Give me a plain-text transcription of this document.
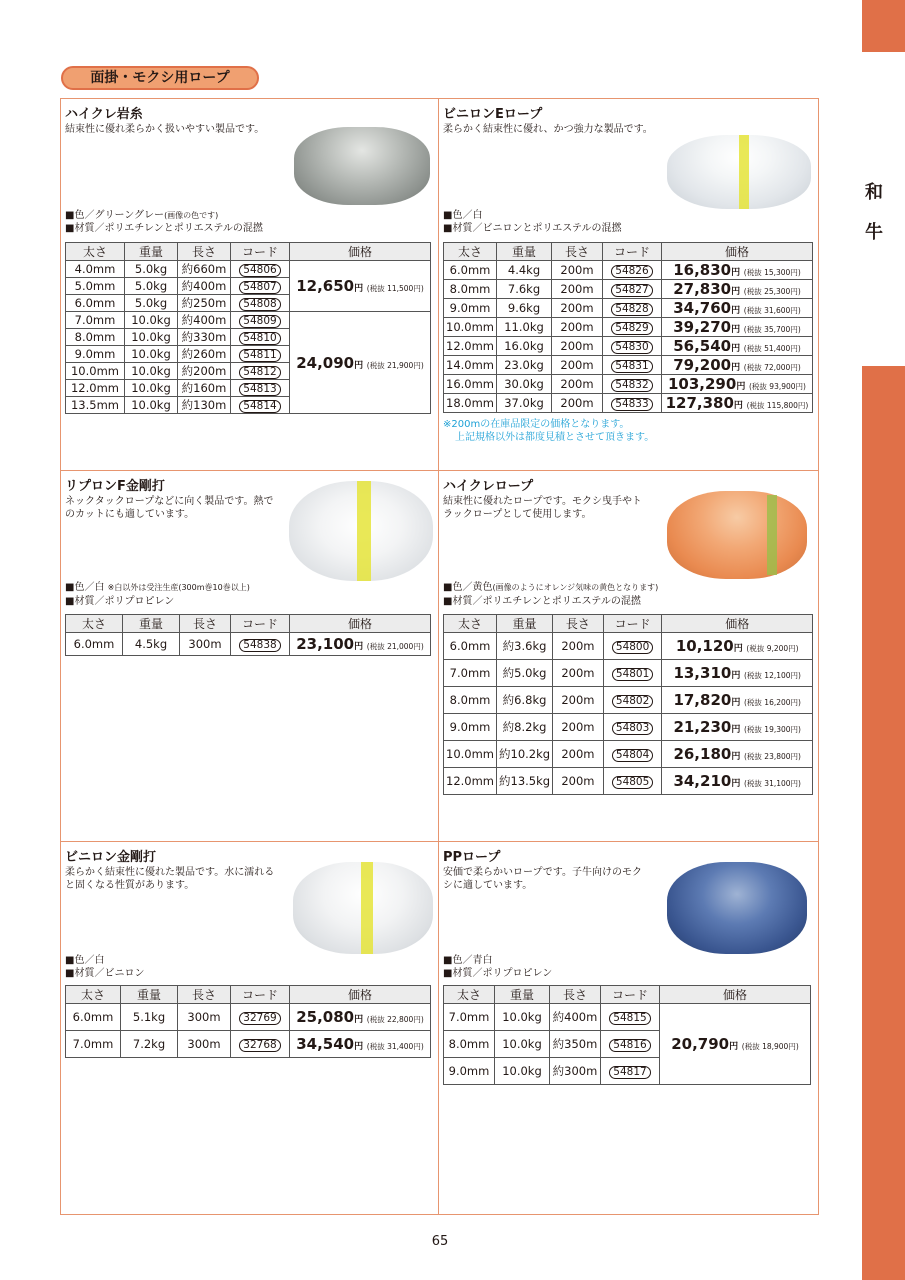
和
牛
面掛・モクシ用ロープ
ハイクレ岩糸
結束性に優れ柔らかく扱いやすい製品です。
■色／グリーングレー(画像の色です)
■材質／ポリエチレンとポリエステルの混撚
太さ	重量	長さ	コード	価格
4.0mm	5.0kg	約660m	54806	12,650円 (税抜 11,500円)
5.0mm	5.0kg	約400m	54807	
6.0mm	5.0kg	約250m	54808	
7.0mm	10.0kg	約400m	54809	24,090円 (税抜 21,900円)
8.0mm	10.0kg	約330m	54810	
9.0mm	10.0kg	約260m	54811	
10.0mm	10.0kg	約200m	54812	
12.0mm	10.0kg	約160m	54813	
13.5mm	10.0kg	約130m	54814	
ビニロンEロープ
柔らかく結束性に優れ、かつ強力な製品です。
■色／白
■材質／ビニロンとポリエステルの混撚
太さ	重量	長さ	コード	価格
6.0mm	4.4kg	200m	54826	16,830円 (税抜 15,300円)
8.0mm	7.6kg	200m	54827	27,830円 (税抜 25,300円)
9.0mm	9.6kg	200m	54828	34,760円 (税抜 31,600円)
10.0mm	11.0kg	200m	54829	39,270円 (税抜 35,700円)
12.0mm	16.0kg	200m	54830	56,540円 (税抜 51,400円)
14.0mm	23.0kg	200m	54831	79,200円 (税抜 72,000円)
16.0mm	30.0kg	200m	54832	103,290円 (税抜 93,900円)
18.0mm	37.0kg	200m	54833	127,380円 (税抜 115,800円)
※200mの在庫品限定の価格となります。
上記規格以外は都度見積とさせて頂きます。
リプロンF金剛打
ネックタックロープなどに向く製品です。熱で
のカットにも適しています。
■色／白 ※白以外は受注生産(300m巻10巻以上)
■材質／ポリプロピレン
太さ	重量	長さ	コード	価格
6.0mm	4.5kg	300m	54838	23,100円 (税抜 21,000円)
ハイクレロープ
結束性に優れたロープです。モクシ曳手やト
ラックロープとして使用します。
■色／黄色(画像のようにオレンジ気味の黄色となります)
■材質／ポリエチレンとポリエステルの混撚
太さ	重量	長さ	コード	価格
6.0mm	約3.6kg	200m	54800	10,120円 (税抜 9,200円)
7.0mm	約5.0kg	200m	54801	13,310円 (税抜 12,100円)
8.0mm	約6.8kg	200m	54802	17,820円 (税抜 16,200円)
9.0mm	約8.2kg	200m	54803	21,230円 (税抜 19,300円)
10.0mm	約10.2kg	200m	54804	26,180円 (税抜 23,800円)
12.0mm	約13.5kg	200m	54805	34,210円 (税抜 31,100円)
ビニロン金剛打
柔らかく結束性に優れた製品です。水に濡れる
と固くなる性質があります。
■色／白
■材質／ビニロン
太さ	重量	長さ	コード	価格
6.0mm	5.1kg	300m	32769	25,080円 (税抜 22,800円)
7.0mm	7.2kg	300m	32768	34,540円 (税抜 31,400円)
PPロープ
安価で柔らかいロープです。子牛向けのモク
シに適しています。
■色／青白
■材質／ポリプロピレン
太さ	重量	長さ	コード	価格
7.0mm	10.0kg	約400m	54815	20,790円 (税抜 18,900円)
8.0mm	10.0kg	約350m	54816	
9.0mm	10.0kg	約300m	54817	
65
